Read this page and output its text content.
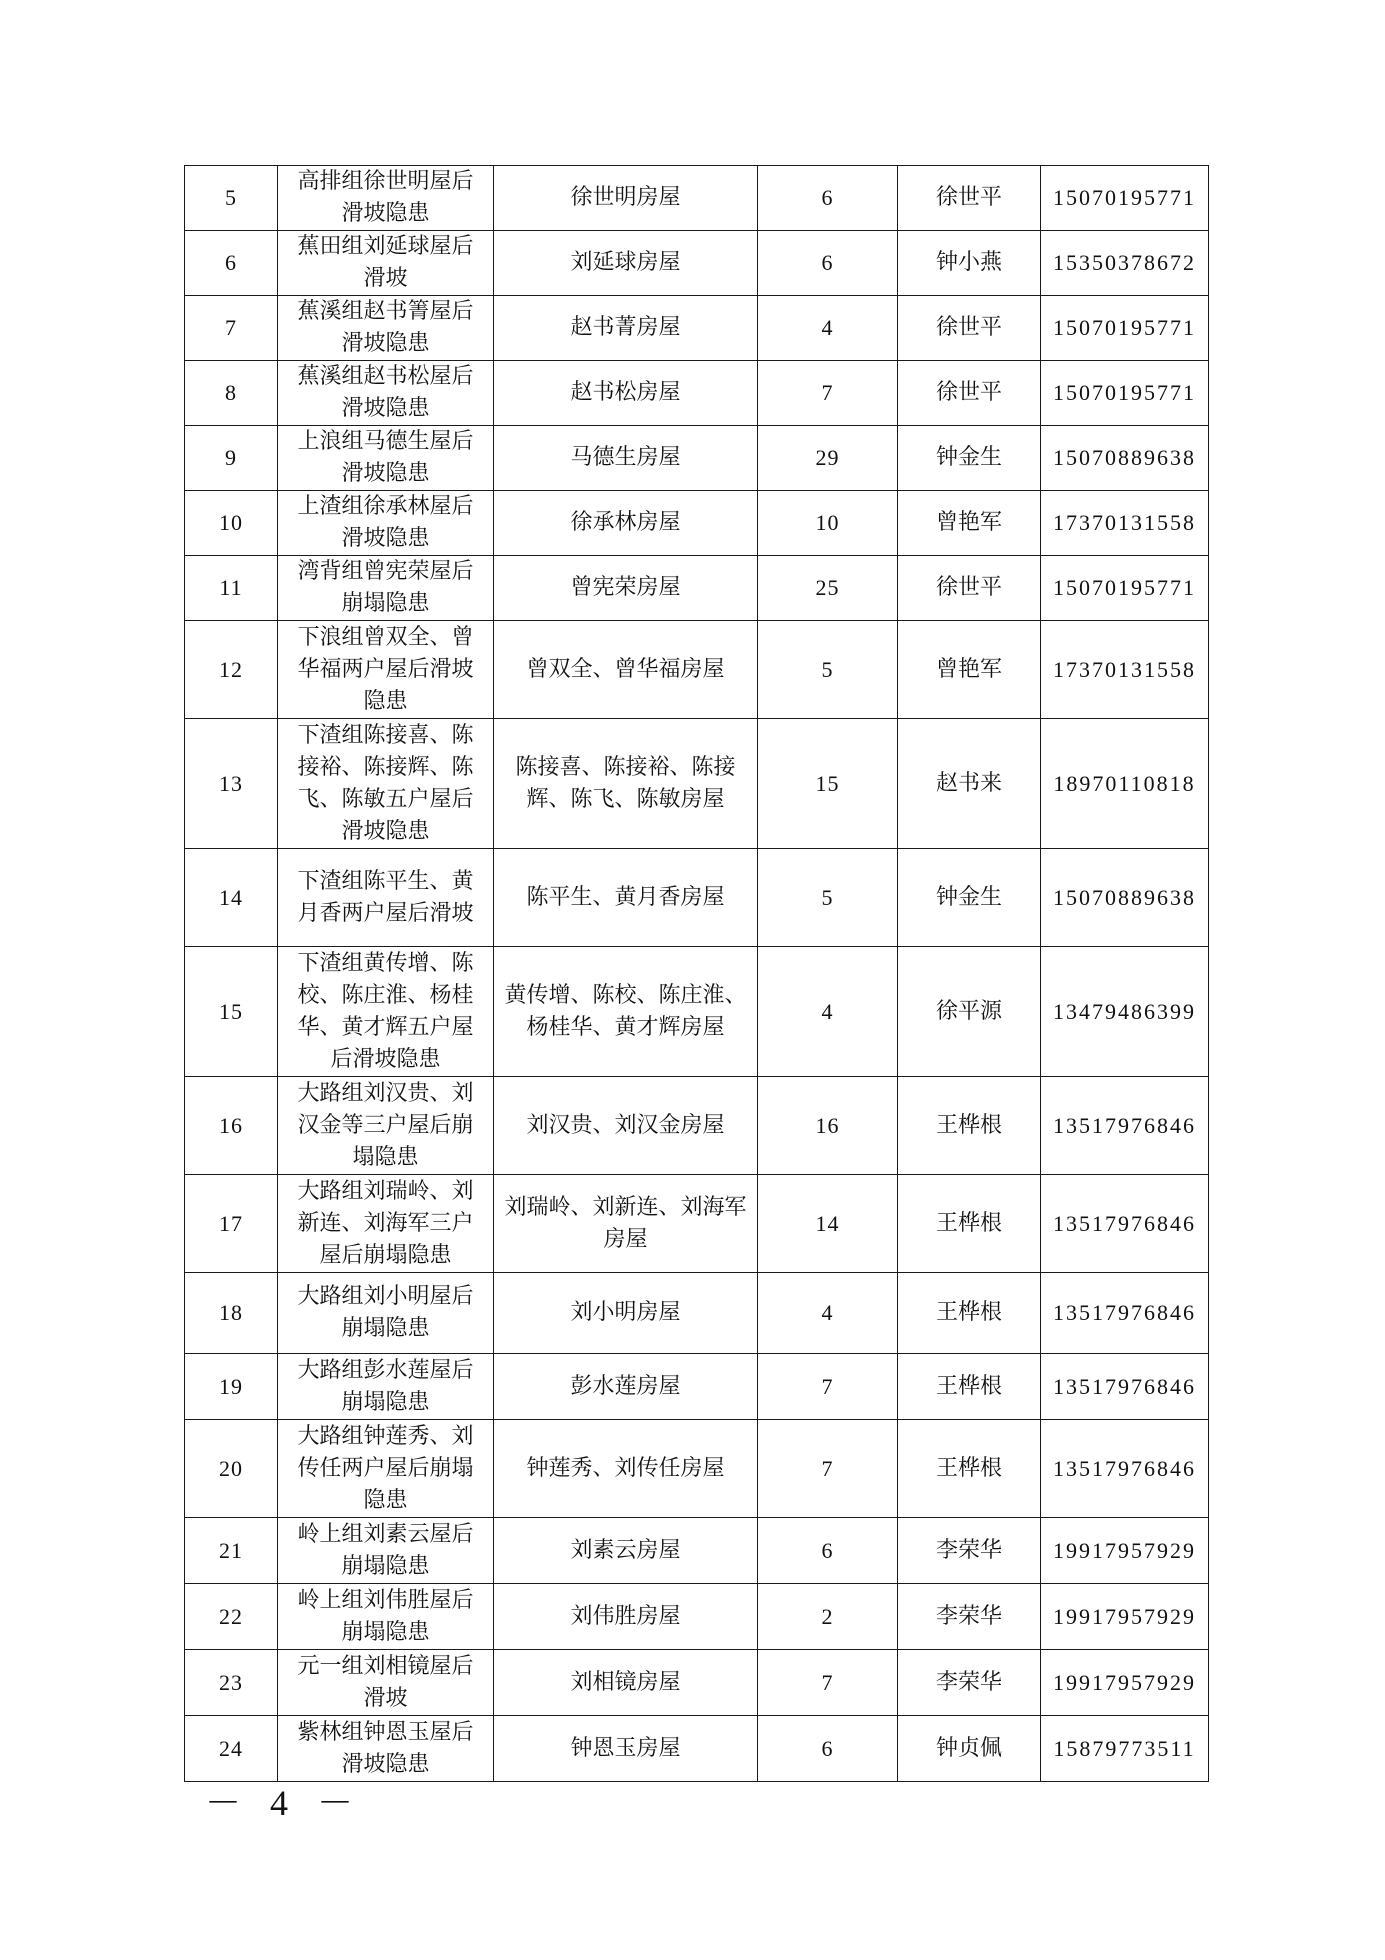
5	高排组徐世明屋后滑坡隐患	徐世明房屋	6	徐世平	15070195771
6	蕉田组刘延球屋后滑坡	刘延球房屋	6	钟小燕	15350378672
7	蕉溪组赵书箐屋后滑坡隐患	赵书菁房屋	4	徐世平	15070195771
8	蕉溪组赵书松屋后滑坡隐患	赵书松房屋	7	徐世平	15070195771
9	上浪组马德生屋后滑坡隐患	马德生房屋	29	钟金生	15070889638
10	上渣组徐承林屋后滑坡隐患	徐承林房屋	10	曾艳军	17370131558
11	湾背组曾宪荣屋后崩塌隐患	曾宪荣房屋	25	徐世平	15070195771
12	下浪组曾双全、曾华福两户屋后滑坡隐患	曾双全、曾华福房屋	5	曾艳军	17370131558
13	下渣组陈接喜、陈接裕、陈接辉、陈飞、陈敏五户屋后滑坡隐患	陈接喜、陈接裕、陈接辉、陈飞、陈敏房屋	15	赵书来	18970110818
14	下渣组陈平生、黄月香两户屋后滑坡	陈平生、黄月香房屋	5	钟金生	15070889638
15	下渣组黄传增、陈校、陈庄淮、杨桂华、黄才辉五户屋后滑坡隐患	黄传增、陈校、陈庄淮、杨桂华、黄才辉房屋	4	徐平源	13479486399
16	大路组刘汉贵、刘汉金等三户屋后崩塌隐患	刘汉贵、刘汉金房屋	16	王桦根	13517976846
17	大路组刘瑞岭、刘新连、刘海军三户屋后崩塌隐患	刘瑞岭、刘新连、刘海军房屋	14	王桦根	13517976846
18	大路组刘小明屋后崩塌隐患	刘小明房屋	4	王桦根	13517976846
19	大路组彭水莲屋后崩塌隐患	彭水莲房屋	7	王桦根	13517976846
20	大路组钟莲秀、刘传任两户屋后崩塌隐患	钟莲秀、刘传任房屋	7	王桦根	13517976846
21	岭上组刘素云屋后崩塌隐患	刘素云房屋	6	李荣华	19917957929
22	岭上组刘伟胜屋后崩塌隐患	刘伟胜房屋	2	李荣华	19917957929
23	元一组刘相镜屋后滑坡	刘相镜房屋	7	李荣华	19917957929
24	紫林组钟恩玉屋后滑坡隐患	钟恩玉房屋	6	钟贞佩	15879773511
－ 4 －
